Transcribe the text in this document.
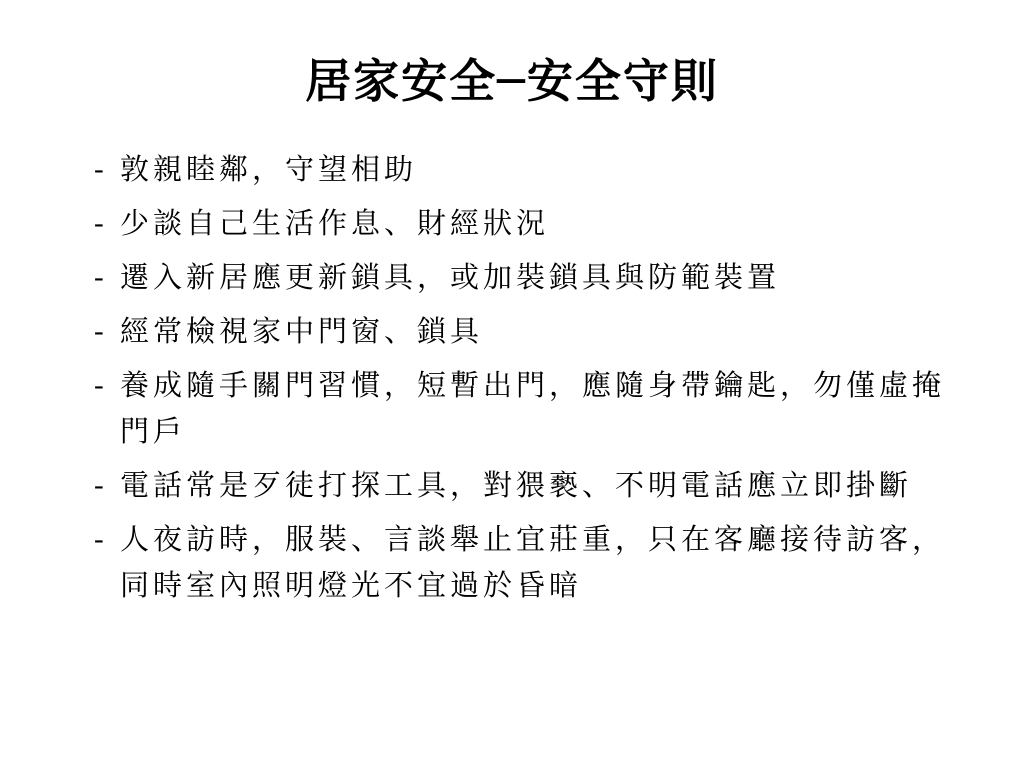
居家安全─安全守則
- 敦親睦鄰，守望相助
- 少談自己生活作息、財經狀況
- 遷入新居應更新鎖具，或加裝鎖具與防範裝置
- 經常檢視家中門窗、鎖具
- 養成隨手關門習慣，短暫出門，應隨身帶鑰匙，勿僅虛掩門戶
- 電話常是歹徒打探工具，對猥褻、不明電話應立即掛斷
- 人夜訪時，服裝、言談舉止宜莊重，只在客廳接待訪客，同時室內照明燈光不宜過於昏暗
